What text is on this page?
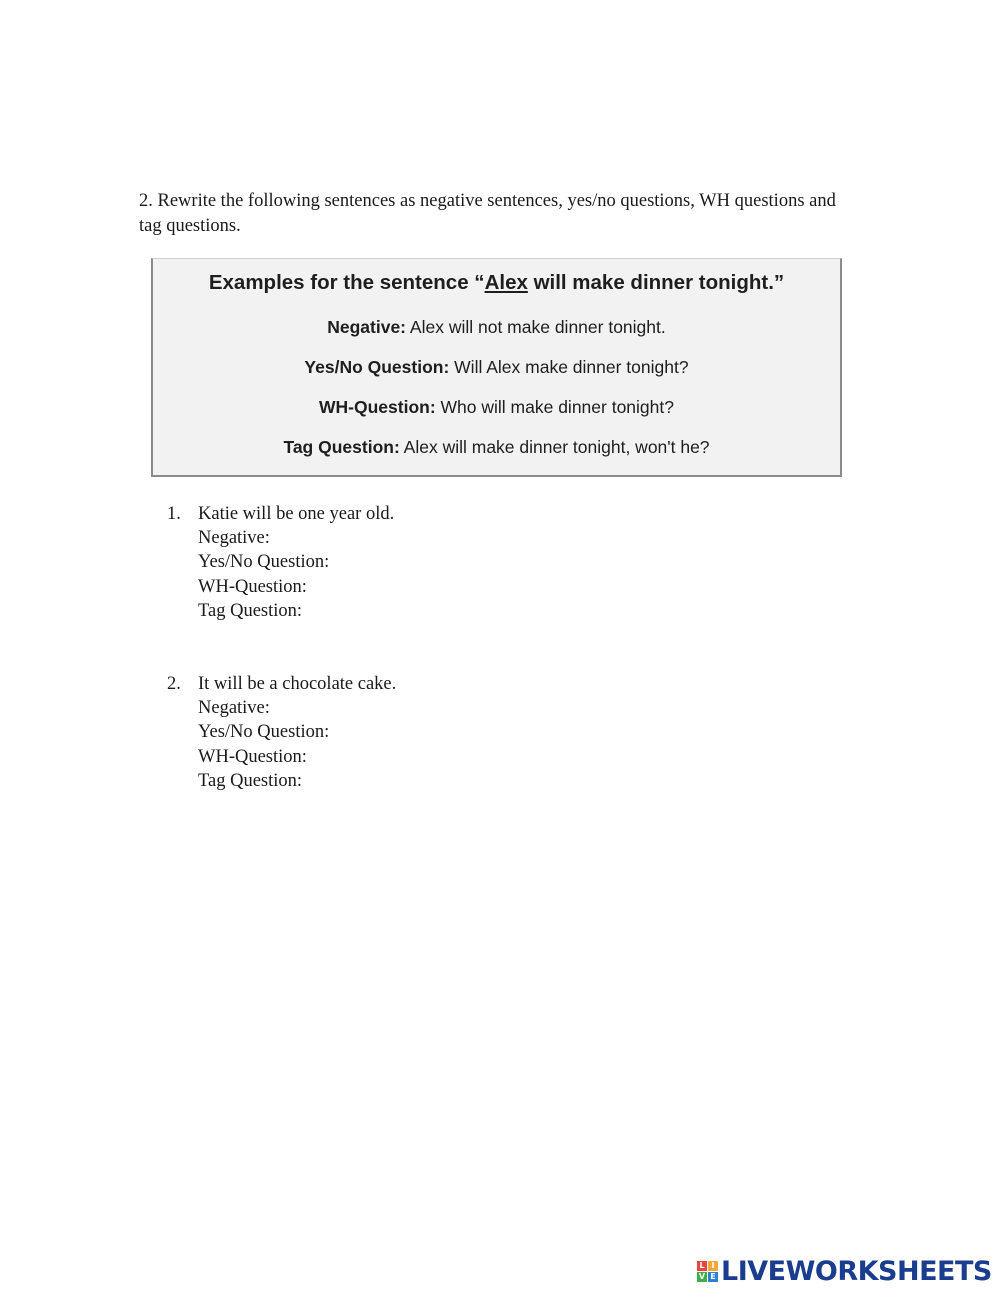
2. Rewrite the following sentences as negative sentences, yes/no questions, WH questions and tag questions.
Examples for the sentence “Alex will make dinner tonight.”
Negative: Alex will not make dinner tonight.
Yes/No Question: Will Alex make dinner tonight?
WH-Question: Who will make dinner tonight?
Tag Question: Alex will make dinner tonight, won't he?
1. Katie will be one year old.
Negative:
Yes/No Question:
WH-Question:
Tag Question:
2. It will be a chocolate cake.
Negative:
Yes/No Question:
WH-Question:
Tag Question:
L I
V E LIVEWORKSHEETS
